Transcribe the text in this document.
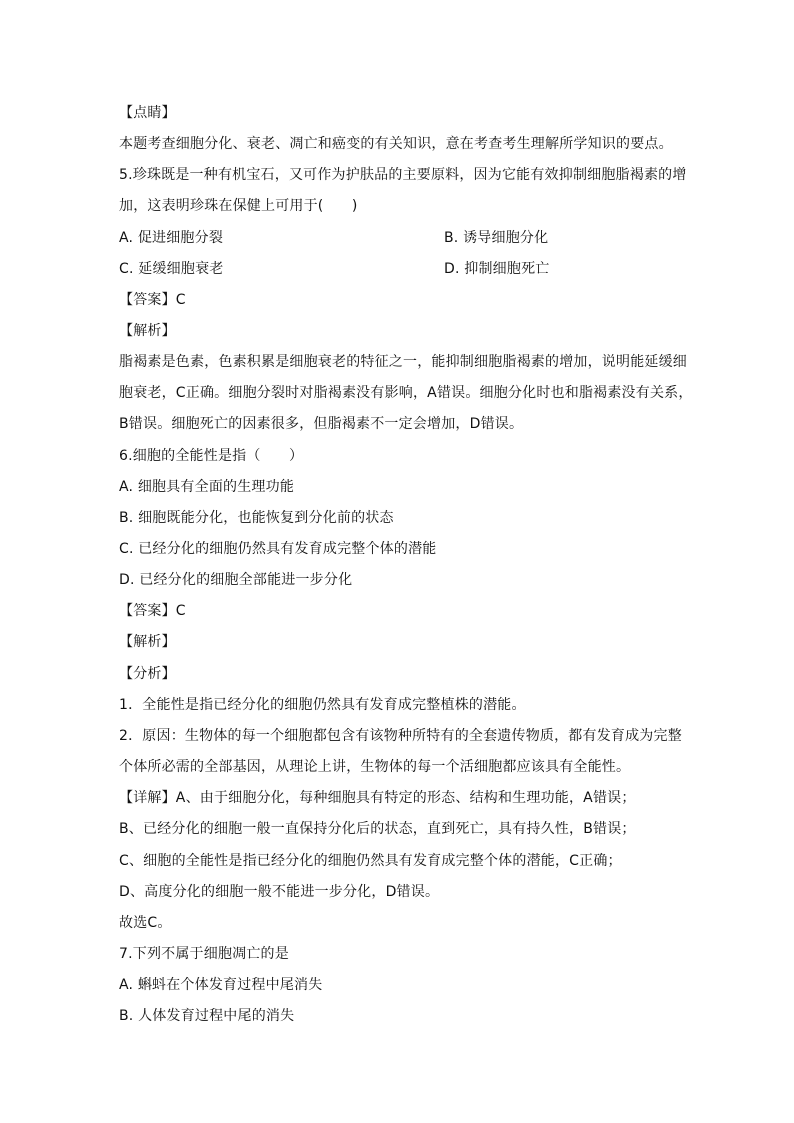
【点睛】
本题考查细胞分化、衰老、凋亡和癌变的有关知识，意在考查考生理解所学知识的要点。
5.珍珠既是一种有机宝石，又可作为护肤品的主要原料，因为它能有效抑制细胞脂褐素的增
加，这表明珍珠在保健上可用于(　　)
A. 促进细胞分裂	B. 诱导细胞分化
C. 延缓细胞衰老	D. 抑制细胞死亡
【答案】C
【解析】
脂褐素是色素，色素积累是细胞衰老的特征之一，能抑制细胞脂褐素的增加，说明能延缓细
胞衰老，C正确。细胞分裂时对脂褐素没有影响，A错误。细胞分化时也和脂褐素没有关系，
B错误。细胞死亡的因素很多，但脂褐素不一定会增加，D错误。
6.细胞的全能性是指（　　）
A. 细胞具有全面的生理功能
B. 细胞既能分化，也能恢复到分化前的状态
C. 已经分化的细胞仍然具有发育成完整个体的潜能
D. 已经分化的细胞全部能进一步分化
【答案】C
【解析】
【分析】
1．全能性是指已经分化的细胞仍然具有发育成完整植株的潜能。
2．原因：生物体的每一个细胞都包含有该物种所特有的全套遗传物质，都有发育成为完整
个体所必需的全部基因，从理论上讲，生物体的每一个活细胞都应该具有全能性。
【详解】A、由于细胞分化，每种细胞具有特定的形态、结构和生理功能，A错误；
B、已经分化的细胞一般一直保持分化后的状态，直到死亡，具有持久性，B错误；
C、细胞的全能性是指已经分化的细胞仍然具有发育成完整个体的潜能，C正确；
D、高度分化的细胞一般不能进一步分化，D错误。
故选C。
7.下列不属于细胞凋亡的是
A. 蝌蚪在个体发育过程中尾消失
B. 人体发育过程中尾的消失
